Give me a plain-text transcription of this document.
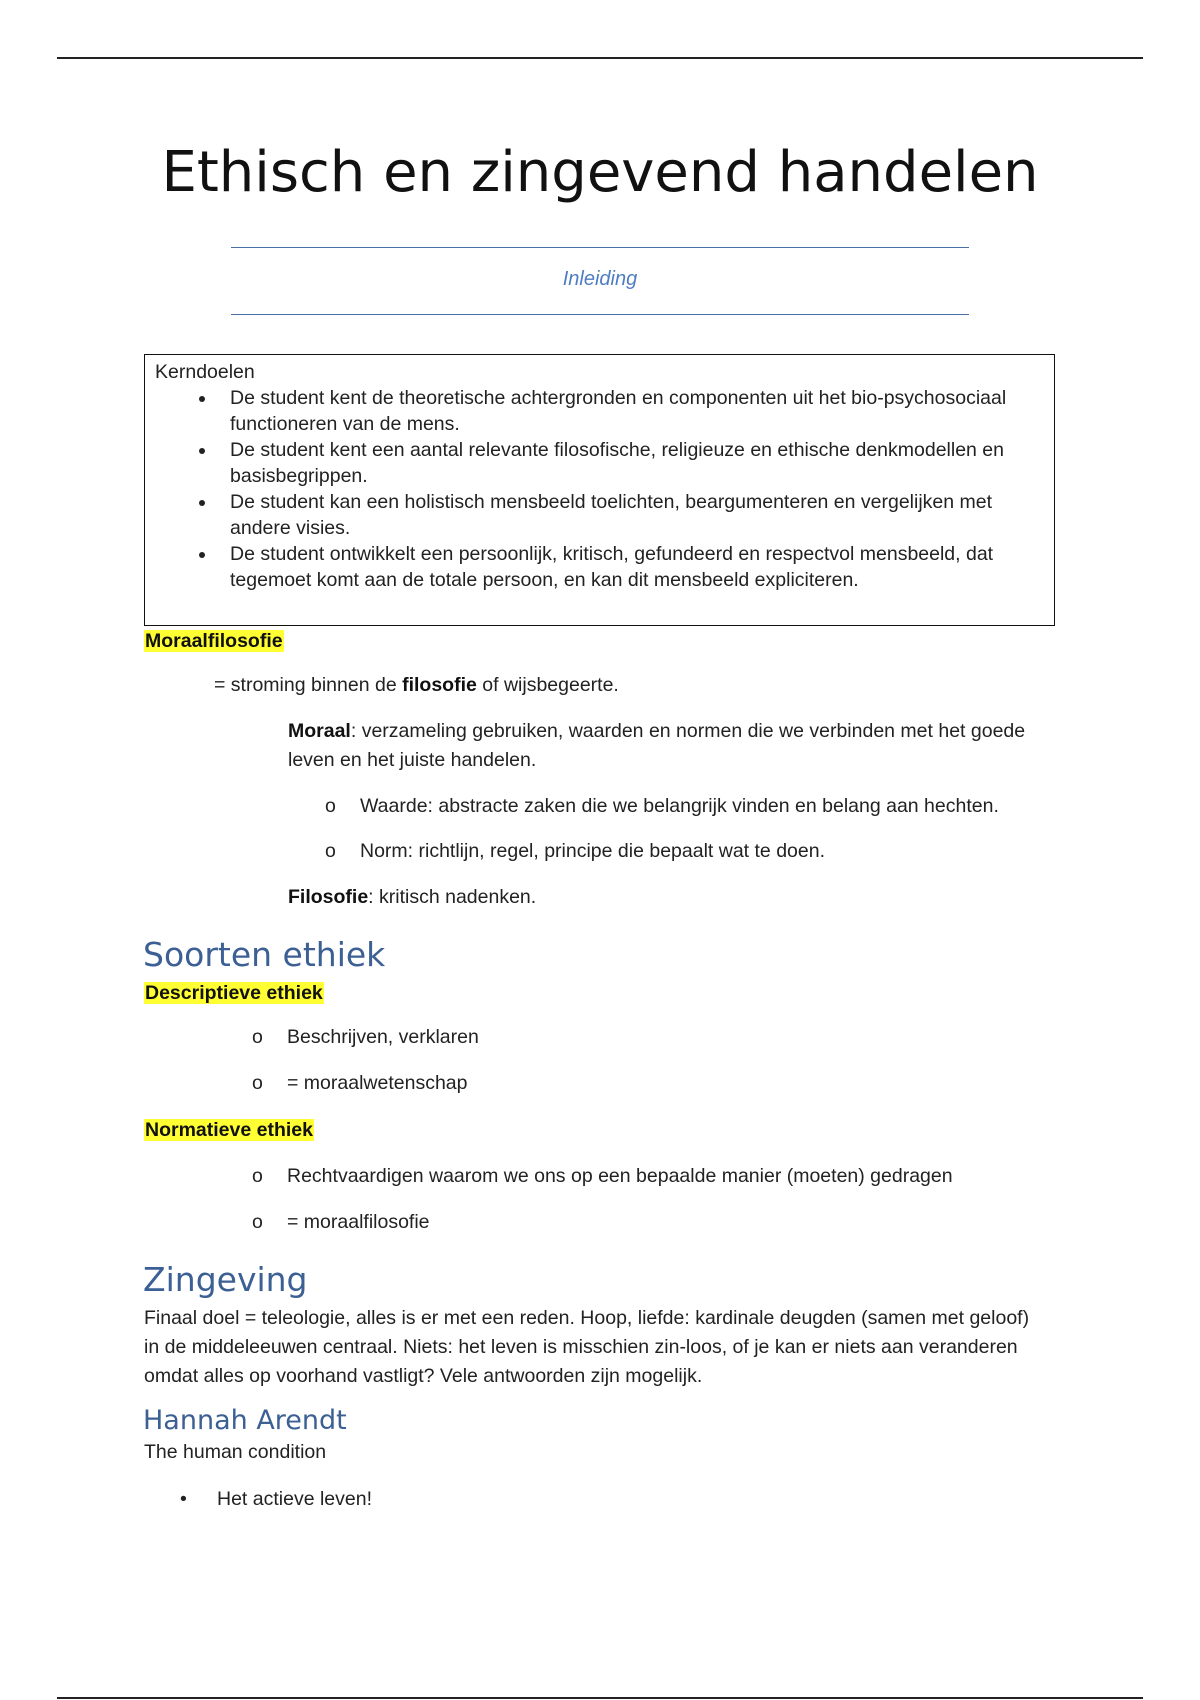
Ethisch en zingevend handelen
Inleiding
Kerndoelen
• De student kent de theoretische achtergronden en componenten uit het bio-psychosociaal functioneren van de mens.
• De student kent een aantal relevante filosofische, religieuze en ethische denkmodellen en basisbegrippen.
• De student kan een holistisch mensbeeld toelichten, beargumenteren en vergelijken met andere visies.
• De student ontwikkelt een persoonlijk, kritisch, gefundeerd en respectvol mensbeeld, dat tegemoet komt aan de totale persoon, en kan dit mensbeeld expliciteren.
Moraalfilosofie
= stroming binnen de filosofie of wijsbegeerte.
Moraal: verzameling gebruiken, waarden en normen die we verbinden met het goede leven en het juiste handelen.
o	Waarde: abstracte zaken die we belangrijk vinden en belang aan hechten.
o	Norm: richtlijn, regel, principe die bepaalt wat te doen.
Filosofie: kritisch nadenken.
Soorten ethiek
Descriptieve ethiek
o	Beschrijven, verklaren
o	= moraalwetenschap
Normatieve ethiek
o	Rechtvaardigen waarom we ons op een bepaalde manier (moeten) gedragen
o	= moraalfilosofie
Zingeving
Finaal doel = teleologie, alles is er met een reden. Hoop, liefde: kardinale deugden (samen met geloof) in de middeleeuwen centraal. Niets: het leven is misschien zin-loos, of je kan er niets aan veranderen omdat alles op voorhand vastligt? Vele antwoorden zijn mogelijk.
Hannah Arendt
The human condition
• Het actieve leven!
